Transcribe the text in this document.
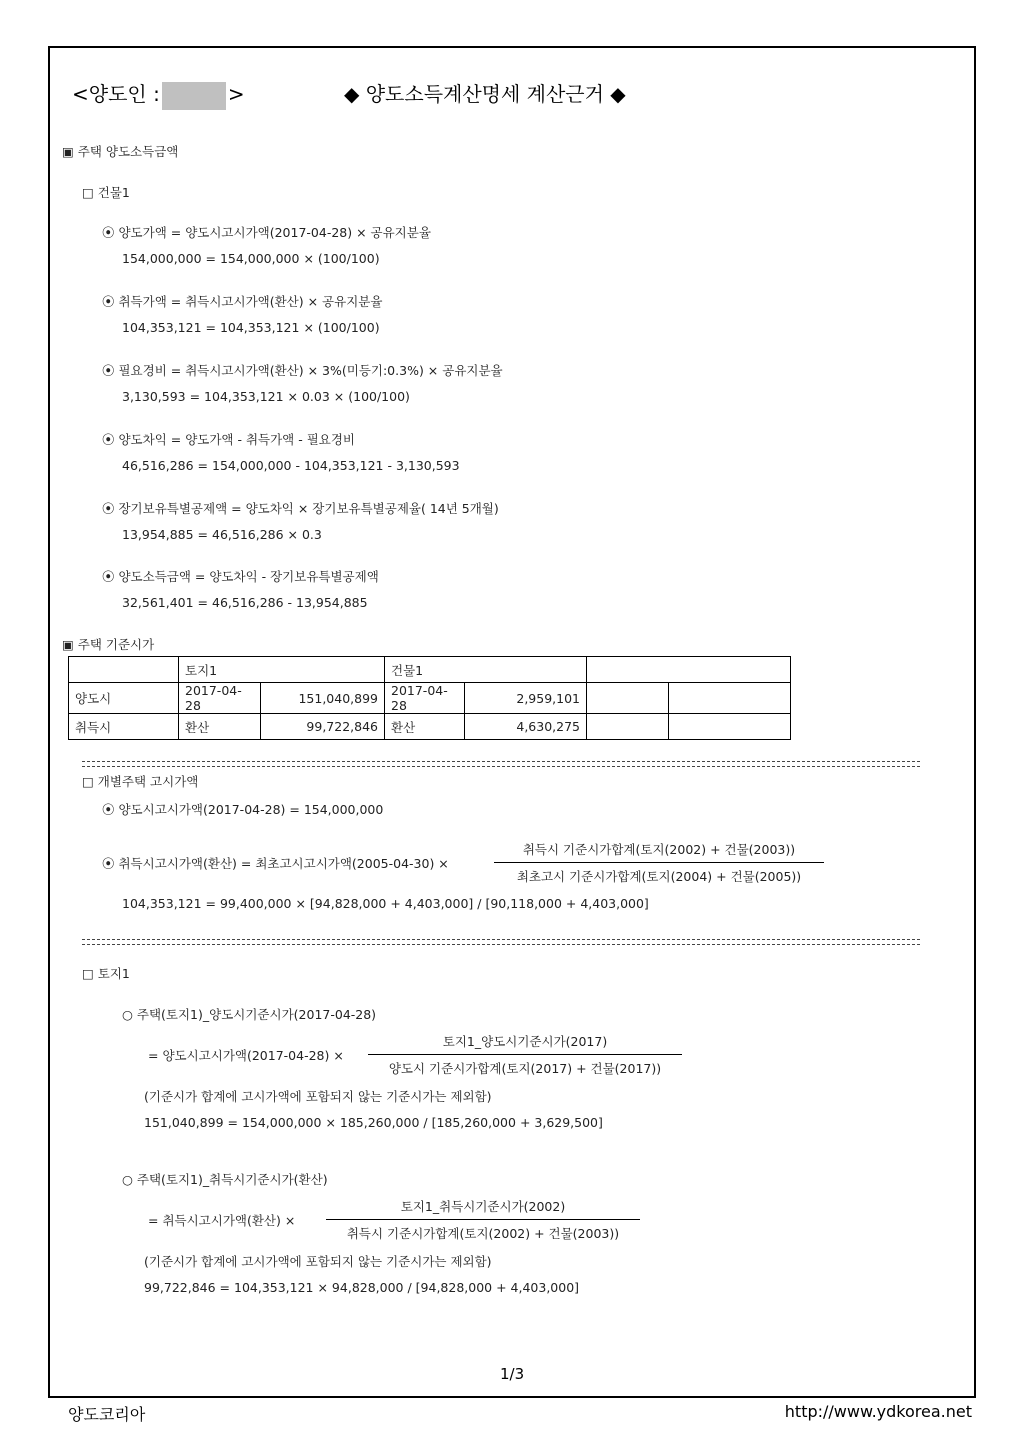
<양도인 :	>	◆ 양도소득계산명세 계산근거 ◆
▣ 주택 양도소득금액
□ 건물1
⦿ 양도가액 = 양도시고시가액(2017-04-28) × 공유지분율
154,000,000 = 154,000,000 × (100/100)
⦿ 취득가액 = 취득시고시가액(환산) × 공유지분율
104,353,121 = 104,353,121 × (100/100)
⦿ 필요경비 = 취득시고시가액(환산) × 3%(미등기:0.3%) × 공유지분율
3,130,593 = 104,353,121 × 0.03 × (100/100)
⦿ 양도차익 = 양도가액 - 취득가액 - 필요경비
46,516,286 = 154,000,000 - 104,353,121 - 3,130,593
⦿ 장기보유특별공제액 = 양도차익 × 장기보유특별공제율( 14년 5개월)
13,954,885 = 46,516,286 × 0.3
⦿ 양도소득금액 = 양도차익 - 장기보유특별공제액
32,561,401 = 46,516,286 - 13,954,885
▣ 주택 기준시가
	토지1		건물1			
양도시	2017-04-28	151,040,899	2017-04-28	2,959,101		
취득시	환산	99,722,846	환산	4,630,275		
□ 개별주택 고시가액
⦿ 양도시고시가액(2017-04-28) = 154,000,000
⦿ 취득시고시가액(환산) = 최초고시고시가액(2005-04-30) ×
취득시 기준시가합계(토지(2002) + 건물(2003))
최초고시 기준시가합계(토지(2004) + 건물(2005))
104,353,121 = 99,400,000 × [94,828,000 + 4,403,000] / [90,118,000 + 4,403,000]
□ 토지1
○ 주택(토지1)_양도시기준시가(2017-04-28)
= 양도시고시가액(2017-04-28) ×
토지1_양도시기준시가(2017)
양도시 기준시가합계(토지(2017) + 건물(2017))
(기준시가 합계에 고시가액에 포함되지 않는 기준시가는 제외함)
151,040,899 = 154,000,000 × 185,260,000 / [185,260,000 + 3,629,500]
○ 주택(토지1)_취득시기준시가(환산)
= 취득시고시가액(환산) ×
토지1_취득시기준시가(2002)
취득시 기준시가합계(토지(2002) + 건물(2003))
(기준시가 합계에 고시가액에 포함되지 않는 기준시가는 제외함)
99,722,846 = 104,353,121 × 94,828,000 / [94,828,000 + 4,403,000]
1/3
양도코리아	http://www.ydkorea.net
